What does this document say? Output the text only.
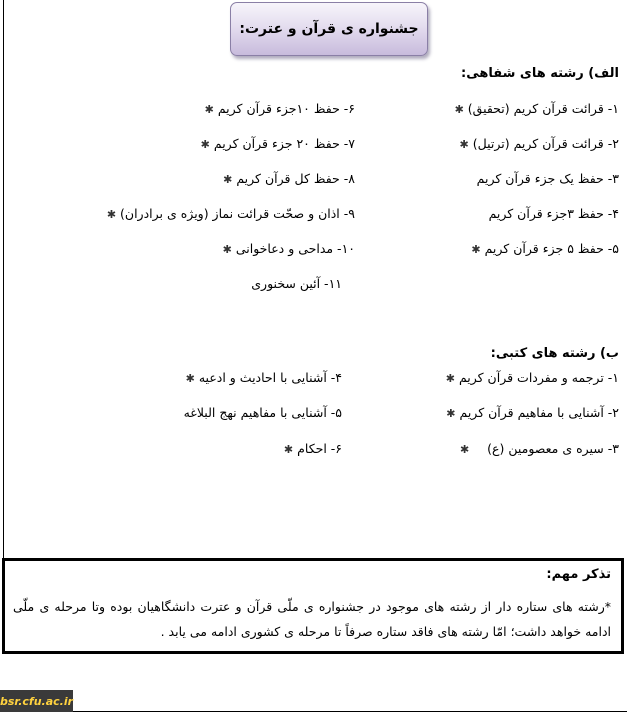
جشنواره ی قرآن و عترت:
الف) رشته های شفاهی:
۱- قرائت قرآن کریم (تحقیق)✱
۲- قرائت قرآن کریم (ترتیل)✱
۳- حفظ یک جزء قرآن کریم
۴- حفظ ۳جزء قرآن کریم
۵- حفظ ۵ جزء قرآن کریم✱
۶- حفظ ۱۰جزء قرآن کریم✱
۷- حفظ ۲۰ جزء قرآن کریم✱
۸- حفظ کل قرآن کریم✱
۹- اذان و صحّت قرائت نماز (ویژه ی برادران)✱
۱۰- مداحی و دعاخوانی✱
۱۱- آئین سخنوری
ب) رشته های کتبی:
۱- ترجمه و مفردات قرآن کریم✱
۲- آشنایی با مفاهیم قرآن کریم✱
۳- سیره ی معصومین (ع)✱
۴- آشنایی با احادیث و ادعیه✱
۵- آشنایی با مفاهیم نهج البلاغه
۶- احکام✱
تذکر مهم:
*رشته های ستاره دار از رشته های موجود در جشنواره ی ملّی قرآن و عترت دانشگاهیان بوده وتا مرحله ی ملّی ادامه خواهد داشت؛ امّا رشته های فاقد ستاره صرفاً تا مرحله ی کشوری ادامه می یابد .
bsr.cfu.ac.ir
